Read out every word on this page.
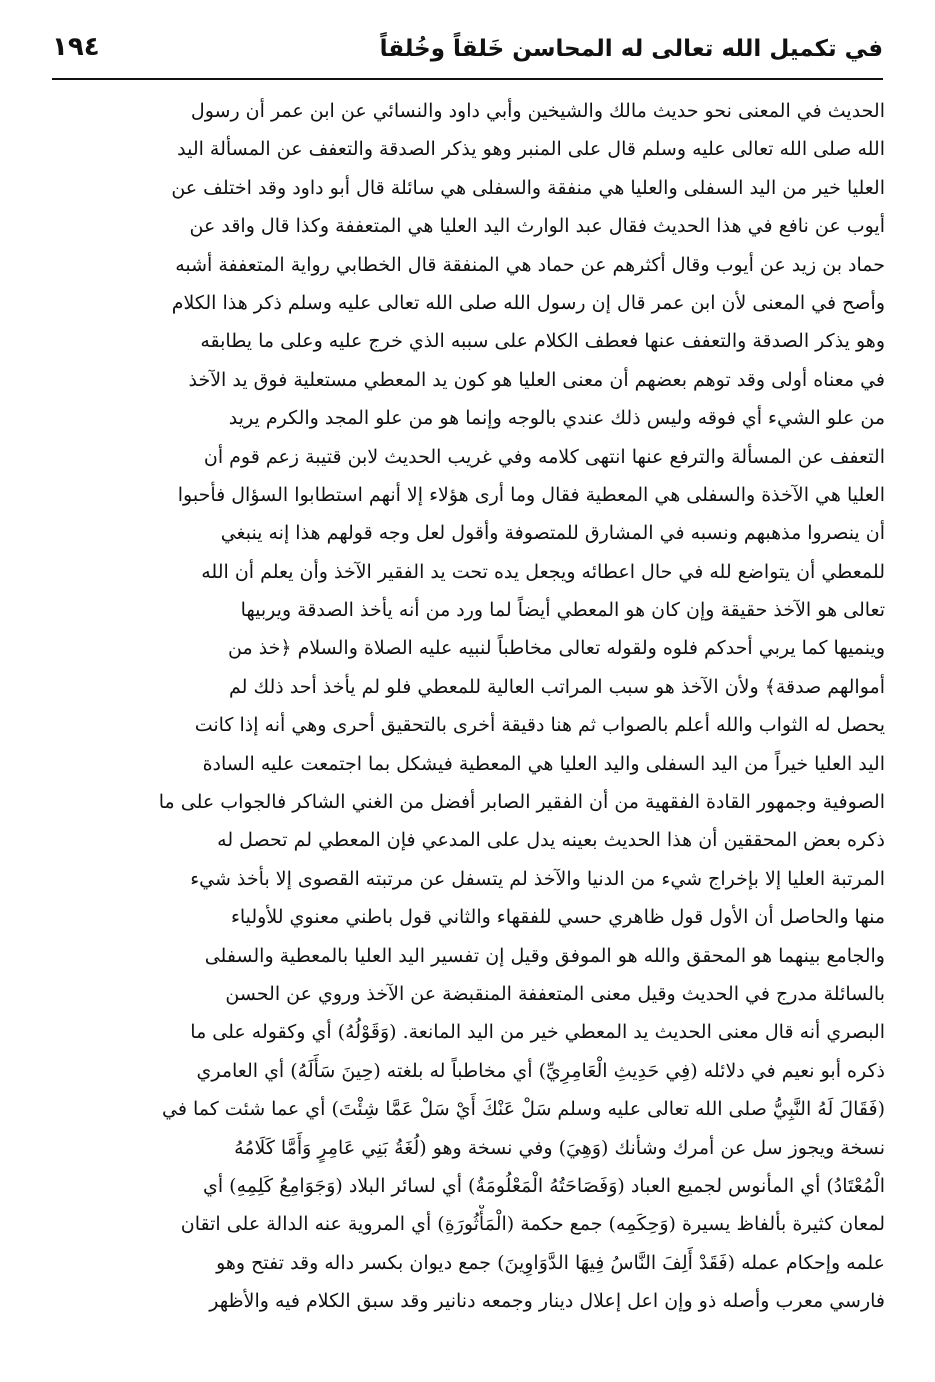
في تكميل الله تعالى له المحاسن خَلقاً وخُلقاً
١٩٤
الحديث في المعنى نحو حديث مالك والشيخين وأبي داود والنسائي عن ابن عمر أن رسول
الله صلى الله تعالى عليه وسلم قال على المنبر وهو يذكر الصدقة والتعفف عن المسألة اليد
العليا خير من اليد السفلى والعليا هي منفقة والسفلى هي سائلة قال أبو داود وقد اختلف عن
أيوب عن نافع في هذا الحديث فقال عبد الوارث اليد العليا هي المتعففة وكذا قال واقد عن
حماد بن زيد عن أيوب وقال أكثرهم عن حماد هي المنفقة قال الخطابي رواية المتعففة أشبه
وأصح في المعنى لأن ابن عمر قال إن رسول الله صلى الله تعالى عليه وسلم ذكر هذا الكلام
وهو يذكر الصدقة والتعفف عنها فعطف الكلام على سببه الذي خرج عليه وعلى ما يطابقه
في معناه أولى وقد توهم بعضهم أن معنى العليا هو كون يد المعطي مستعلية فوق يد الآخذ
من علو الشيء أي فوقه وليس ذلك عندي بالوجه وإنما هو من علو المجد والكرم يريد
التعفف عن المسألة والترفع عنها انتهى كلامه وفي غريب الحديث لابن قتيبة زعم قوم أن
العليا هي الآخذة والسفلى هي المعطية فقال وما أرى هؤلاء إلا أنهم استطابوا السؤال فأحبوا
أن ينصروا مذهبهم ونسبه في المشارق للمتصوفة وأقول لعل وجه قولهم هذا إنه ينبغي
للمعطي أن يتواضع لله في حال اعطائه ويجعل يده تحت يد الفقير الآخذ وأن يعلم أن الله
تعالى هو الآخذ حقيقة وإن كان هو المعطي أيضاً لما ورد من أنه يأخذ الصدقة ويربيها
وينميها كما يربي أحدكم فلوه ولقوله تعالى مخاطباً لنبيه عليه الصلاة والسلام ﴿خذ من
أموالهم صدقة﴾ ولأن الآخذ هو سبب المراتب العالية للمعطي فلو لم يأخذ أحد ذلك لم
يحصل له الثواب والله أعلم بالصواب ثم هنا دقيقة أخرى بالتحقيق أحرى وهي أنه إذا كانت
اليد العليا خيراً من اليد السفلى واليد العليا هي المعطية فيشكل بما اجتمعت عليه السادة
الصوفية وجمهور القادة الفقهية من أن الفقير الصابر أفضل من الغني الشاكر فالجواب على ما
ذكره بعض المحققين أن هذا الحديث بعينه يدل على المدعي فإن المعطي لم تحصل له
المرتبة العليا إلا بإخراج شيء من الدنيا والآخذ لم يتسفل عن مرتبته القصوى إلا بأخذ شيء
منها والحاصل أن الأول قول ظاهري حسي للفقهاء والثاني قول باطني معنوي للأولياء
والجامع بينهما هو المحقق والله هو الموفق وقيل إن تفسير اليد العليا بالمعطية والسفلى
بالسائلة مدرج في الحديث وقيل معنى المتعففة المنقبضة عن الآخذ وروي عن الحسن
البصري أنه قال معنى الحديث يد المعطي خير من اليد المانعة. (وَقَوْلُهُ) أي وكقوله على ما
ذكره أبو نعيم في دلائله (فِي حَدِيثِ الْعَامِرِيِّ) أي مخاطباً له بلغته (حِينَ سَأَلَهُ) أي العامري
(فَقَالَ لَهُ النَّبِيُّ صلى الله تعالى عليه وسلم سَلْ عَنْكَ أَيْ سَلْ عَمَّا شِئْتَ) أي عما شئت كما في
نسخة ويجوز سل عن أمرك وشأنك (وَهِيَ) وفي نسخة وهو (لُغَةُ بَنِي عَامِرٍ وَأَمَّا كَلَامُهُ
الْمُعْتَادُ) أي المأنوس لجميع العباد (وَفَصَاحَتُهُ الْمَعْلُومَةُ) أي لسائر البلاد (وَجَوَامِعُ كَلِمِهِ) أي
لمعان كثيرة بألفاظ يسيرة (وَحِكَمِه) جمع حكمة (الْمَأْثُورَةِ) أي المروية عنه الدالة على اتقان
علمه وإحكام عمله (فَقَدْ أَلِفَ النَّاسُ فِيهَا الدَّوَاوِينَ) جمع ديوان بكسر داله وقد تفتح وهو
فارسي معرب وأصله ذو وإن اعل إعلال دينار وجمعه دنانير وقد سبق الكلام فيه والأظهر
